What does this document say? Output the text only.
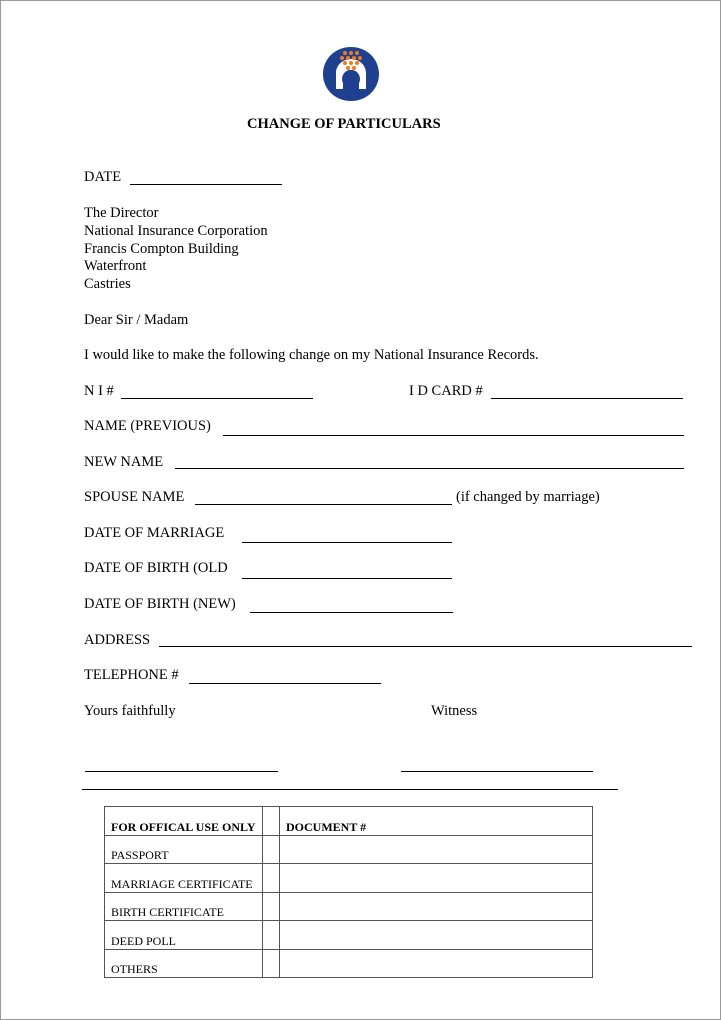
CHANGE OF PARTICULARS
DATE
The Director
National Insurance Corporation
Francis Compton Building
Waterfront
Castries
Dear Sir / Madam
I would like to make the following change on my National Insurance Records.
N I #	I D CARD #
NAME (PREVIOUS)
NEW NAME
SPOUSE NAME	(if changed by marriage)
DATE OF MARRIAGE
DATE OF BIRTH (OLD
DATE OF BIRTH (NEW)
ADDRESS
TELEPHONE #
Yours faithfully	Witness
FOR OFFICAL USE ONLY		DOCUMENT #
PASSPORT		
MARRIAGE CERTIFICATE		
BIRTH CERTIFICATE		
DEED POLL		
OTHERS		
